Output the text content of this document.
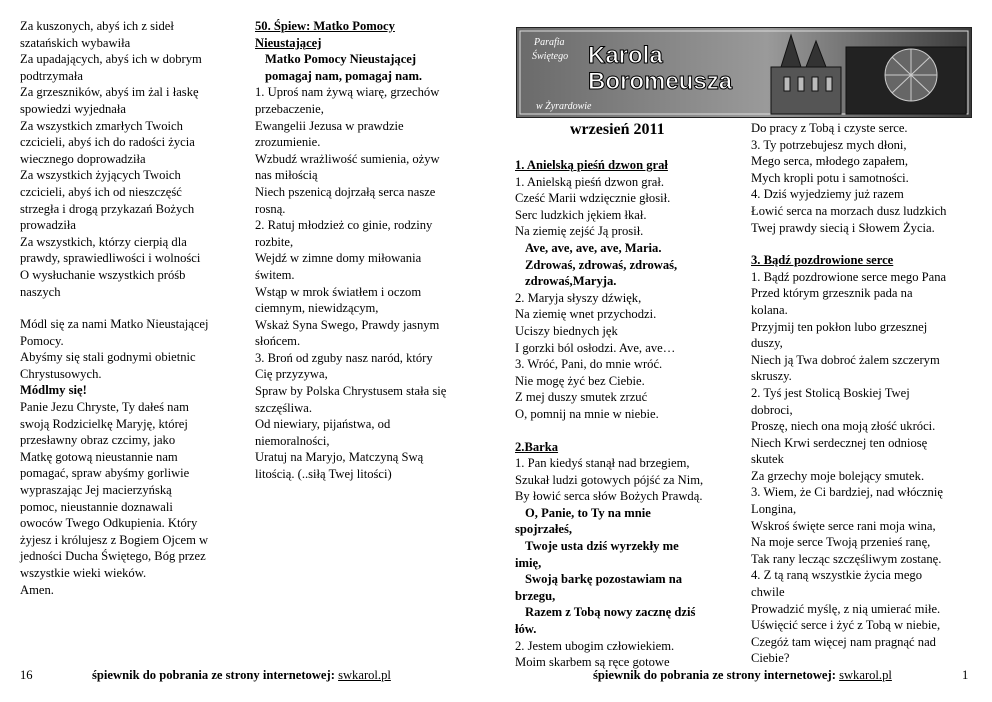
Za kuszonych, abyś ich z sideł
szatańskich wybawiła
Za upadających, abyś ich w dobrym
podtrzymała
Za grzeszników, abyś im żal i łaskę
spowiedzi wyjednała
Za wszystkich zmarłych Twoich
czcicieli, abyś ich do radości życia
wiecznego doprowadziła
Za wszystkich żyjących Twoich
czcicieli, abyś ich od nieszczęść
strzegła i drogą przykazań Bożych
prowadziła
Za wszystkich, którzy cierpią dla
prawdy, sprawiedliwości i wolności
O wysłuchanie wszystkich próśb
naszych
Módl się za nami Matko Nieustającej
Pomocy.
Abyśmy się stali godnymi obietnic
Chrystusowych.
Módlmy się!
Panie Jezu Chryste, Ty dałeś nam
swoją Rodzicielkę Maryję, której
przesławny obraz czcimy, jako
Matkę gotową nieustannie nam
pomagać, spraw abyśmy gorliwie
wypraszając Jej macierzyńską
pomoc, nieustannie doznawali
owoców Twego Odkupienia. Który
żyjesz i królujesz z Bogiem Ojcem w
jedności Ducha Świętego, Bóg przez
wszystkie wieki wieków.
Amen.
50. Śpiew: Matko Pomocy
Nieustającej
Matko Pomocy Nieustającej
pomagaj nam, pomagaj nam.
1. Uproś nam żywą wiarę, grzechów
przebaczenie,
Ewangelii Jezusa w prawdzie
zrozumienie.
Wzbudź wrażliwość sumienia, ożyw
nas miłością
Niech pszenicą dojrzałą serca nasze
rosną.
2. Ratuj młodzież co ginie, rodziny
rozbite,
Wejdź w zimne domy miłowania
świtem.
Wstąp w mrok światłem i oczom
ciemnym, niewidzącym,
Wskaż Syna Swego, Prawdy jasnym
słońcem.
3. Broń od zguby nasz naród, który
Cię przyzywa,
Spraw by Polska Chrystusem stała się
szczęśliwa.
Od niewiary, pijaństwa, od
niemoralności,
Uratuj na Maryjo, Matczyną Swą
litością. (..siłą Twej litości)
Parafia
Świętego Karola
Boromeusza
w Żyrardowie
wrzesień 2011
1. Anielską pieśń dzwon grał
1. Anielską pieśń dzwon grał.
Cześć Marii wdzięcznie głosił.
Serc ludzkich jękiem łkał.
Na ziemię zejść Ją prosił.
Ave, ave, ave, ave, Maria.
Zdrowaś, zdrowaś, zdrowaś,
zdrowaś,Maryja.
2. Maryja słyszy dźwięk,
Na ziemię wnet przychodzi.
Uciszy biednych jęk
I gorzki ból osłodzi. Ave, ave…
3. Wróć, Pani, do mnie wróć.
Nie mogę żyć bez Ciebie.
Z mej duszy smutek zrzuć
O, pomnij na mnie w niebie.
2.Barka
1. Pan kiedyś stanął nad brzegiem,
Szukał ludzi gotowych pójść za Nim,
By łowić serca słów Bożych Prawdą.
O, Panie, to Ty na mnie
spojrzałeś,
Twoje usta dziś wyrzekły me
imię,
Swoją barkę pozostawiam na
brzegu,
Razem z Tobą nowy zacznę dziś
łów.
2. Jestem ubogim człowiekiem.
Moim skarbem są ręce gotowe
Do pracy z Tobą i czyste serce.
3. Ty potrzebujesz mych dłoni,
Mego serca, młodego zapałem,
Mych kropli potu i samotności.
4. Dziś wyjedziemy już razem
Łowić serca na morzach dusz ludzkich
Twej prawdy siecią i Słowem Życia.
3. Bądź pozdrowione serce
1. Bądź pozdrowione serce mego Pana
Przed którym grzesznik pada na
kolana.
Przyjmij ten pokłon lubo grzesznej
duszy,
Niech ją Twa dobroć żalem szczerym
skruszy.
2. Tyś jest Stolicą Boskiej Twej
dobroci,
Proszę, niech ona moją złość ukróci.
Niech Krwi serdecznej ten odniosę
skutek
Za grzechy moje bolejący smutek.
3. Wiem, że Ci bardziej, nad włócznię
Longina,
Wskroś święte serce rani moja wina,
Na moje serce Twoją przenieś ranę,
Tak rany lecząc szczęśliwym zostanę.
4. Z tą raną wszystkie życia mego
chwile
Prowadzić myślę, z nią umierać miłe.
Uświęcić serce i żyć z Tobą w niebie,
Czegóż tam więcej nam pragnąć nad
Ciebie?
16	śpiewnik do pobrania ze strony internetowej: swkarol.pl	śpiewnik do pobrania ze strony internetowej: swkarol.pl	1
